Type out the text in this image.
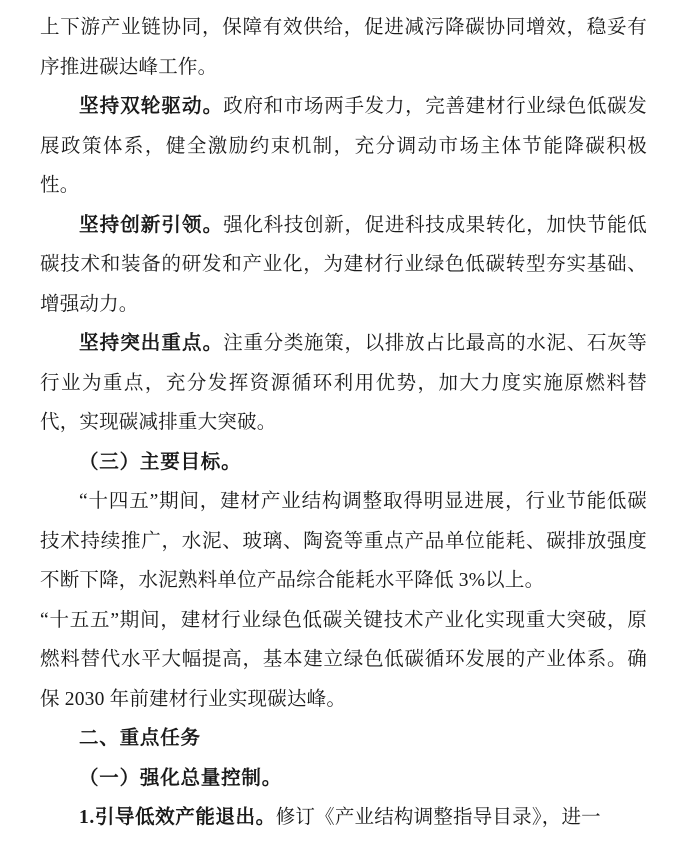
上下游产业链协同，保障有效供给，促进减污降碳协同增效，稳妥有序推进碳达峰工作。

坚持双轮驱动。政府和市场两手发力，完善建材行业绿色低碳发展政策体系，健全激励约束机制，充分调动市场主体节能降碳积极性。

坚持创新引领。强化科技创新，促进科技成果转化，加快节能低碳技术和装备的研发和产业化，为建材行业绿色低碳转型夯实基础、增强动力。

坚持突出重点。注重分类施策，以排放占比最高的水泥、石灰等行业为重点，充分发挥资源循环利用优势，加大力度实施原燃料替代，实现碳减排重大突破。

（三）主要目标。

“十四五”期间，建材产业结构调整取得明显进展，行业节能低碳技术持续推广，水泥、玻璃、陶瓷等重点产品单位能耗、碳排放强度不断下降，水泥熟料单位产品综合能耗水平降低 3%以上。

“十五五”期间，建材行业绿色低碳关键技术产业化实现重大突破，原燃料替代水平大幅提高，基本建立绿色低碳循环发展的产业体系。确保 2030 年前建材行业实现碳达峰。

二、重点任务

（一）强化总量控制。

1.引导低效产能退出。修订《产业结构调整指导目录》，进一
